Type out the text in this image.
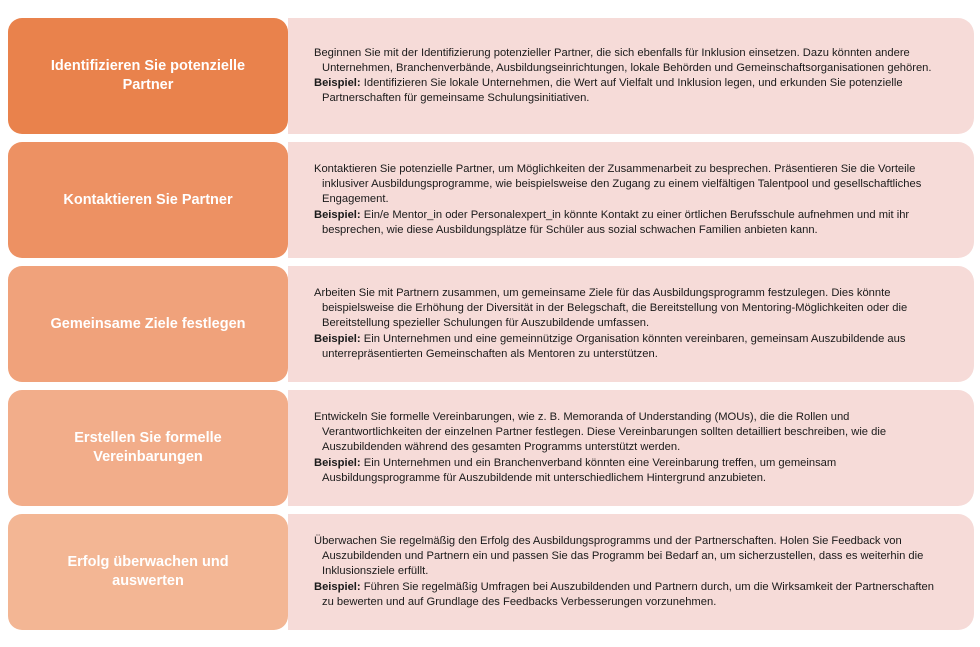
Identifizieren Sie potenzielle Partner

Beginnen Sie mit der Identifizierung potenzieller Partner, die sich ebenfalls für Inklusion einsetzen. Dazu könnten andere Unternehmen, Branchenverbände, Ausbildungseinrichtungen, lokale Behörden und Gemeinschaftsorganisationen gehören.

Beispiel: Identifizieren Sie lokale Unternehmen, die Wert auf Vielfalt und Inklusion legen, und erkunden Sie potenzielle Partnerschaften für gemeinsame Schulungsinitiativen.

Kontaktieren Sie Partner

Kontaktieren Sie potenzielle Partner, um Möglichkeiten der Zusammenarbeit zu besprechen. Präsentieren Sie die Vorteile inklusiver Ausbildungsprogramme, wie beispielsweise den Zugang zu einem vielfältigen Talentpool und gesellschaftliches Engagement.

Beispiel: Ein/e Mentor_in oder Personalexpert_in könnte Kontakt zu einer örtlichen Berufsschule aufnehmen und mit ihr besprechen, wie diese Ausbildungsplätze für Schüler aus sozial schwachen Familien anbieten kann.

Gemeinsame Ziele festlegen

Arbeiten Sie mit Partnern zusammen, um gemeinsame Ziele für das Ausbildungsprogramm festzulegen. Dies könnte beispielsweise die Erhöhung der Diversität in der Belegschaft, die Bereitstellung von Mentoring-Möglichkeiten oder die Bereitstellung spezieller Schulungen für Auszubildende umfassen.

Beispiel: Ein Unternehmen und eine gemeinnützige Organisation könnten vereinbaren, gemeinsam Auszubildende aus unterrepräsentierten Gemeinschaften als Mentoren zu unterstützen.

Erstellen Sie formelle Vereinbarungen

Entwickeln Sie formelle Vereinbarungen, wie z. B. Memoranda of Understanding (MOUs), die die Rollen und Verantwortlichkeiten der einzelnen Partner festlegen. Diese Vereinbarungen sollten detailliert beschreiben, wie die Auszubildenden während des gesamten Programms unterstützt werden.

Beispiel: Ein Unternehmen und ein Branchenverband könnten eine Vereinbarung treffen, um gemeinsam Ausbildungsprogramme für Auszubildende mit unterschiedlichem Hintergrund anzubieten.

Erfolg überwachen und auswerten

Überwachen Sie regelmäßig den Erfolg des Ausbildungsprogramms und der Partnerschaften. Holen Sie Feedback von Auszubildenden und Partnern ein und passen Sie das Programm bei Bedarf an, um sicherzustellen, dass es weiterhin die Inklusionsziele erfüllt.

Beispiel: Führen Sie regelmäßig Umfragen bei Auszubildenden und Partnern durch, um die Wirksamkeit der Partnerschaften zu bewerten und auf Grundlage des Feedbacks Verbesserungen vorzunehmen.
